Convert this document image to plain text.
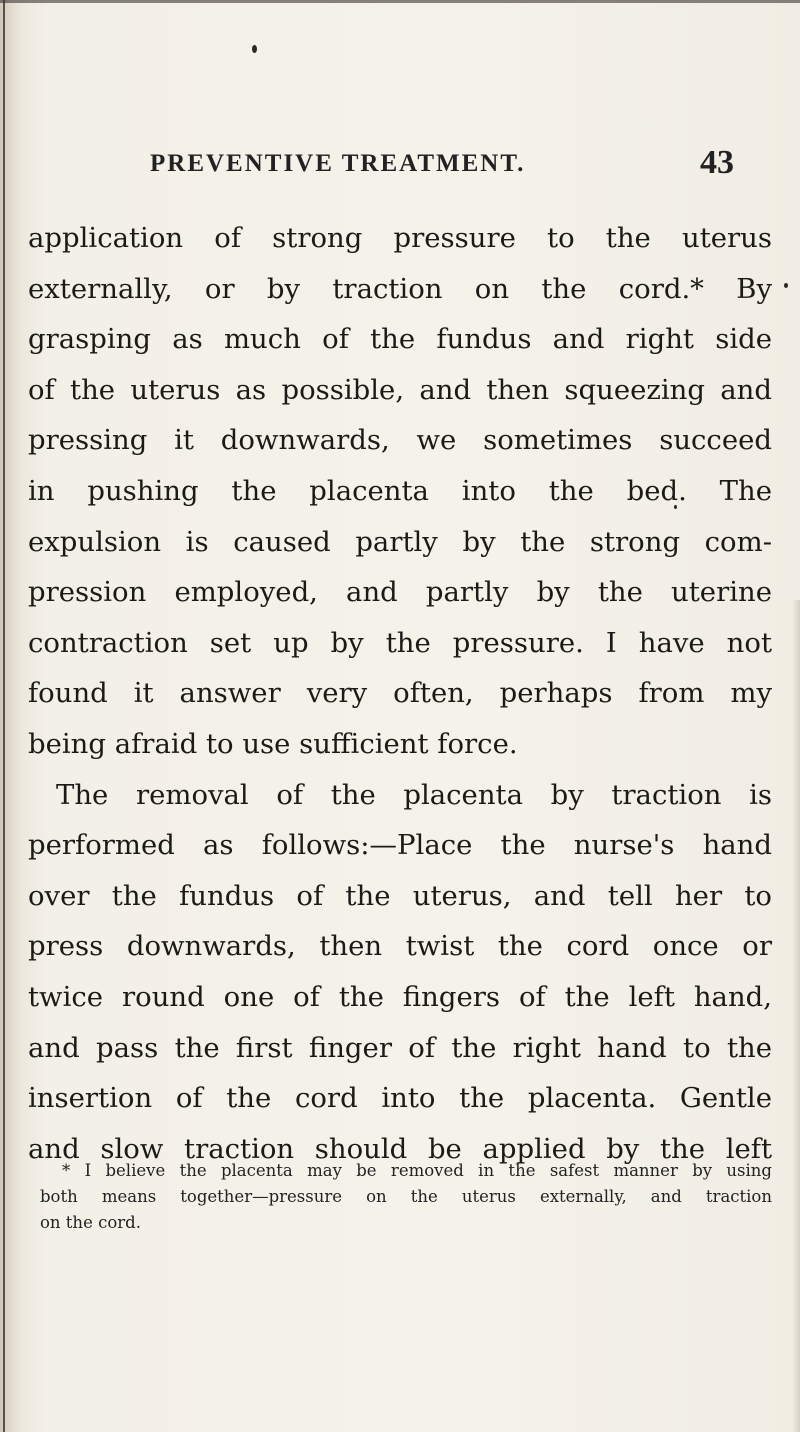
PREVENTIVE TREATMENT.	43
application of strong pressure to the uterus
externally, or by traction on the cord.* By
grasping as much of the fundus and right side
of the uterus as possible, and then squeezing and
pressing it downwards, we sometimes succeed
in pushing the placenta into the bed. The
expulsion is caused partly by the strong com-
pression employed, and partly by the uterine
contraction set up by the pressure. I have not
found it answer very often, perhaps from my
being afraid to use sufficient force.
The removal of the placenta by traction is
performed as follows:—Place the nurse's hand
over the fundus of the uterus, and tell her to
press downwards, then twist the cord once or
twice round one of the fingers of the left hand,
and pass the first finger of the right hand to the
insertion of the cord into the placenta. Gentle
and slow traction should be applied by the left
* I believe the placenta may be removed in the safest manner by using
both means together—pressure on the uterus externally, and traction
on the cord.
